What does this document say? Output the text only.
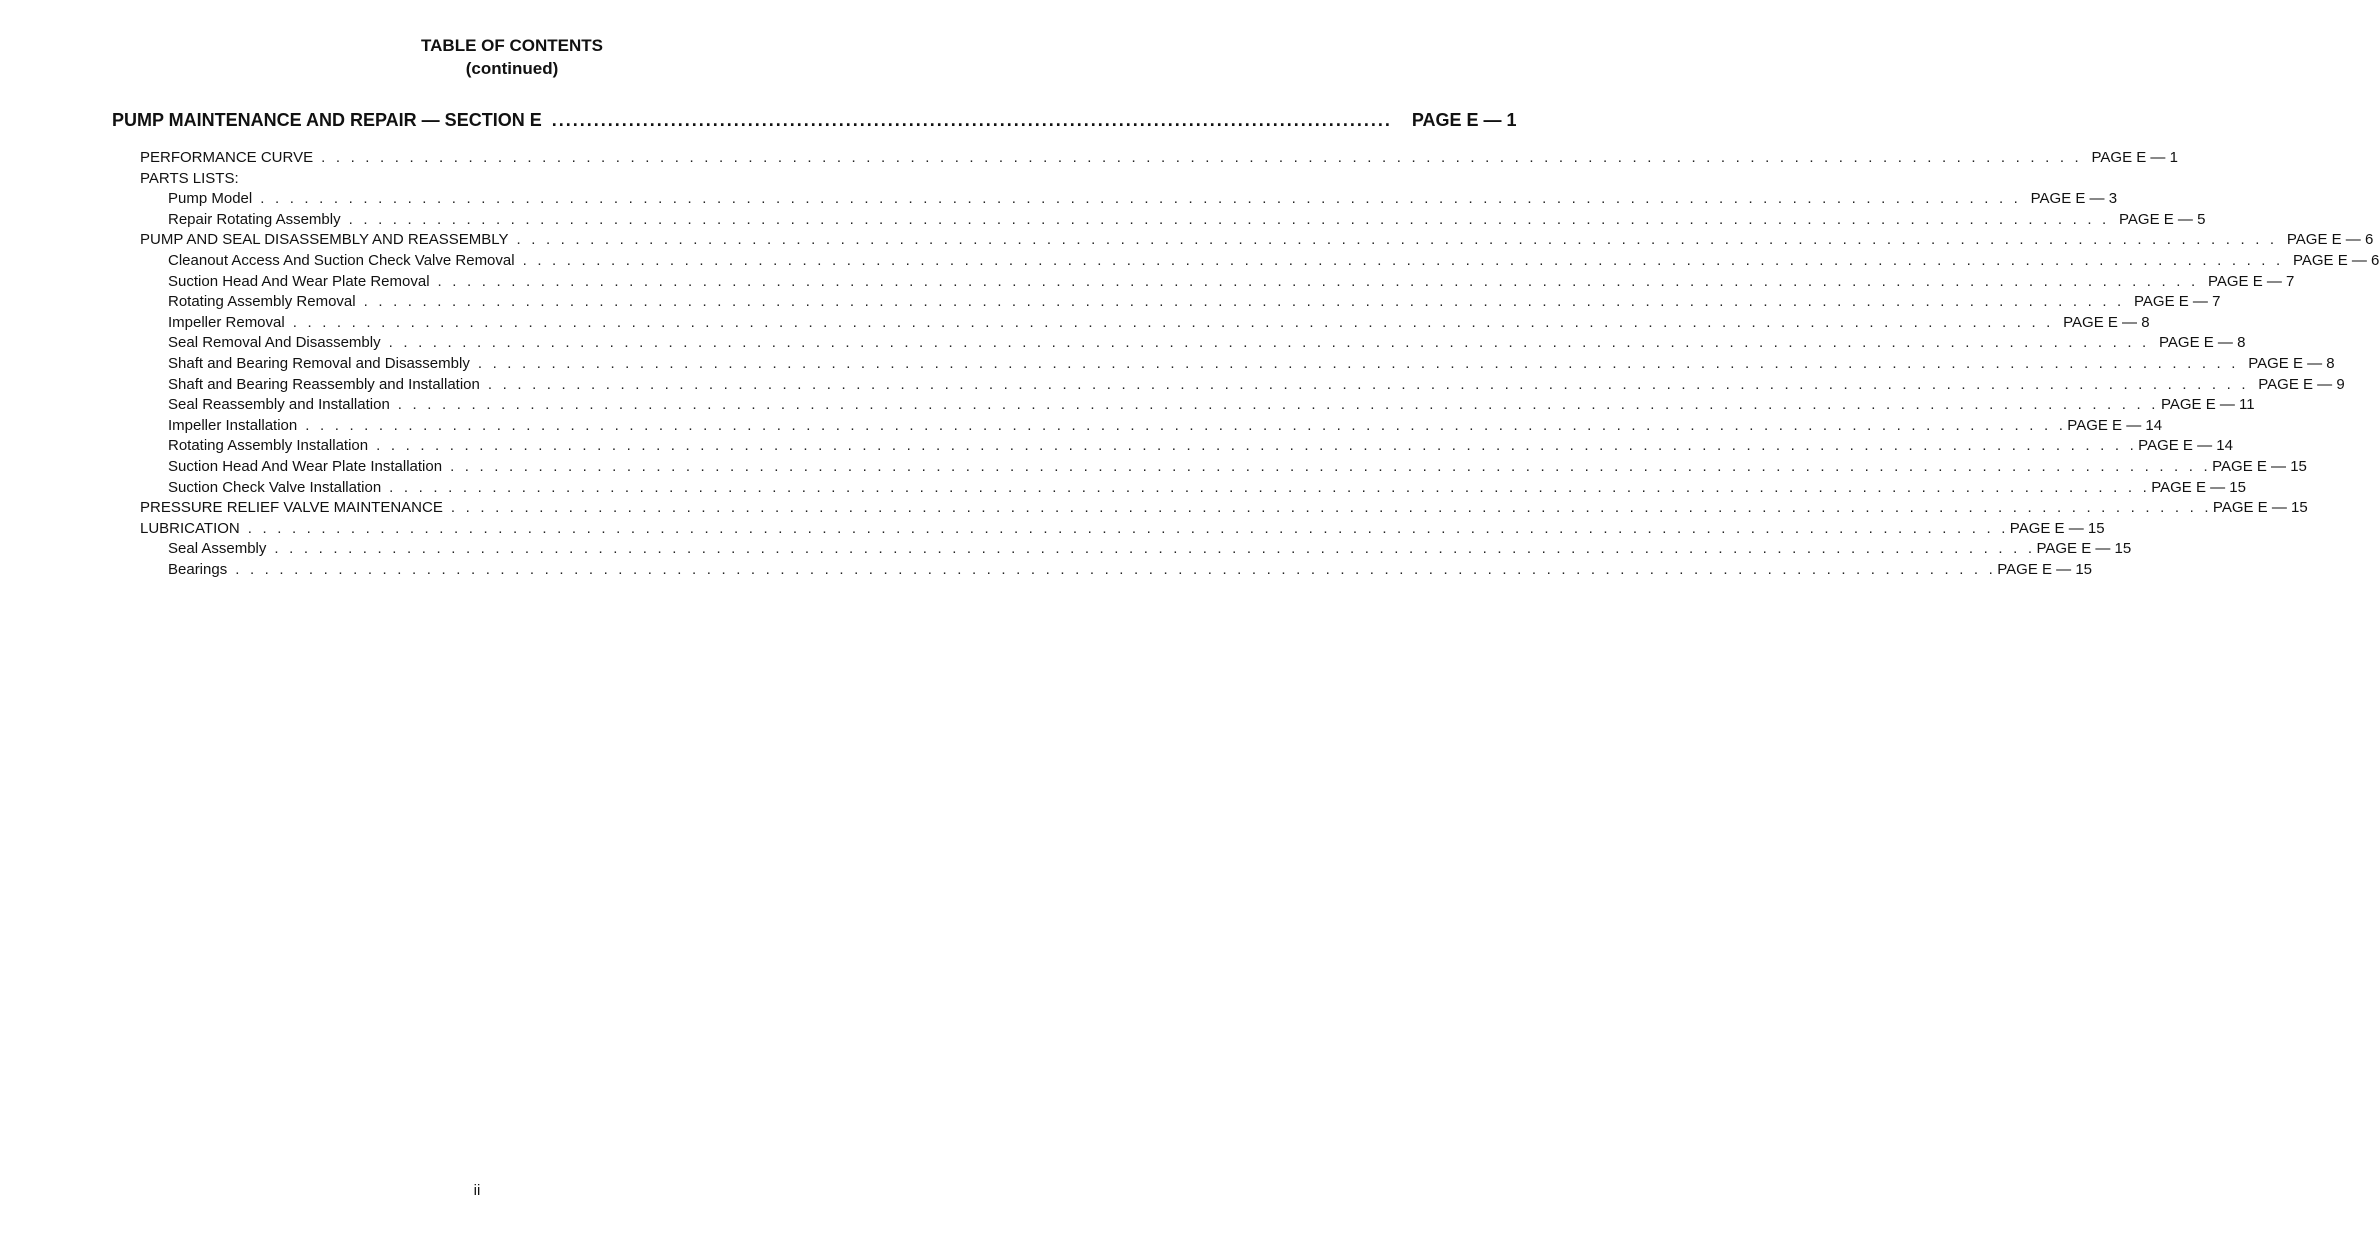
TABLE OF CONTENTS
(continued)
PUMP MAINTENANCE AND REPAIR — SECTION E ........................................................................................................................ PAGE E — 1
PERFORMANCE CURVE . . . . . . . . . . . . . . . . . . . . . . . . . . . . . . . . . . . . . . . . . . . . . . . . . . . . . . . . . . . . . . . . . . . . . . . . . . . . . . . . . . . . . . . . . . . . . . . . . . . . . . . . . . . . . . . . . . . . . . . . PAGE E — 1
PARTS LISTS:
Pump Model . . . . . . . . . . . . . . . . . . . . . . . . . . . . . . . . . . . . . . . . . . . . . . . . . . . . . . . . . . . . . . . . . . . . . . . . . . . . . . . . . . . . . . . . . . . . . . . . . . . . . . . . . . . . . . . . . . . . . . . . PAGE E — 3
Repair Rotating Assembly . . . . . . . . . . . . . . . . . . . . . . . . . . . . . . . . . . . . . . . . . . . . . . . . . . . . . . . . . . . . . . . . . . . . . . . . . . . . . . . . . . . . . . . . . . . . . . . . . . . . . . . . . . . . . . . . . . . . . . . . PAGE E — 5
PUMP AND SEAL DISASSEMBLY AND REASSEMBLY . . . . . . . . . . . . . . . . . . . . . . . . . . . . . . . . . . . . . . . . . . . . . . . . . . . . . . . . . . . . . . . . . . . . . . . . . . . . . . . . . . . . . . . . . . . . . . . . . . . . . . . . . . . . . . . . . . . . . . . . PAGE E — 6
Cleanout Access And Suction Check Valve Removal . . . . . . . . . . . . . . . . . . . . . . . . . . . . . . . . . . . . . . . . . . . . . . . . . . . . . . . . . . . . . . . . . . . . . . . . . . . . . . . . . . . . . . . . . . . . . . . . . . . . . . . . . . . . . . . . . . . . . . . . PAGE E — 6
Suction Head And Wear Plate Removal . . . . . . . . . . . . . . . . . . . . . . . . . . . . . . . . . . . . . . . . . . . . . . . . . . . . . . . . . . . . . . . . . . . . . . . . . . . . . . . . . . . . . . . . . . . . . . . . . . . . . . . . . . . . . . . . . . . . . . . . PAGE E — 7
Rotating Assembly Removal . . . . . . . . . . . . . . . . . . . . . . . . . . . . . . . . . . . . . . . . . . . . . . . . . . . . . . . . . . . . . . . . . . . . . . . . . . . . . . . . . . . . . . . . . . . . . . . . . . . . . . . . . . . . . . . . . . . . . . . . PAGE E — 7
Impeller Removal . . . . . . . . . . . . . . . . . . . . . . . . . . . . . . . . . . . . . . . . . . . . . . . . . . . . . . . . . . . . . . . . . . . . . . . . . . . . . . . . . . . . . . . . . . . . . . . . . . . . . . . . . . . . . . . . . . . . . . . . PAGE E — 8
Seal Removal And Disassembly . . . . . . . . . . . . . . . . . . . . . . . . . . . . . . . . . . . . . . . . . . . . . . . . . . . . . . . . . . . . . . . . . . . . . . . . . . . . . . . . . . . . . . . . . . . . . . . . . . . . . . . . . . . . . . . . . . . . . . . . PAGE E — 8
Shaft and Bearing Removal and Disassembly . . . . . . . . . . . . . . . . . . . . . . . . . . . . . . . . . . . . . . . . . . . . . . . . . . . . . . . . . . . . . . . . . . . . . . . . . . . . . . . . . . . . . . . . . . . . . . . . . . . . . . . . . . . . . . . . . . . . . . . . PAGE E — 8
Shaft and Bearing Reassembly and Installation . . . . . . . . . . . . . . . . . . . . . . . . . . . . . . . . . . . . . . . . . . . . . . . . . . . . . . . . . . . . . . . . . . . . . . . . . . . . . . . . . . . . . . . . . . . . . . . . . . . . . . . . . . . . . . . . . . . . . . . . PAGE E — 9
Seal Reassembly and Installation . . . . . . . . . . . . . . . . . . . . . . . . . . . . . . . . . . . . . . . . . . . . . . . . . . . . . . . . . . . . . . . . . . . . . . . . . . . . . . . . . . . . . . . . . . . . . . . . . . . . . . . . . . . . . . . . . . . . . . . . PAGE E — 11
Impeller Installation . . . . . . . . . . . . . . . . . . . . . . . . . . . . . . . . . . . . . . . . . . . . . . . . . . . . . . . . . . . . . . . . . . . . . . . . . . . . . . . . . . . . . . . . . . . . . . . . . . . . . . . . . . . . . . . . . . . . . . . . PAGE E — 14
Rotating Assembly Installation . . . . . . . . . . . . . . . . . . . . . . . . . . . . . . . . . . . . . . . . . . . . . . . . . . . . . . . . . . . . . . . . . . . . . . . . . . . . . . . . . . . . . . . . . . . . . . . . . . . . . . . . . . . . . . . . . . . . . . . . PAGE E — 14
Suction Head And Wear Plate Installation . . . . . . . . . . . . . . . . . . . . . . . . . . . . . . . . . . . . . . . . . . . . . . . . . . . . . . . . . . . . . . . . . . . . . . . . . . . . . . . . . . . . . . . . . . . . . . . . . . . . . . . . . . . . . . . . . . . . . . . . PAGE E — 15
Suction Check Valve Installation . . . . . . . . . . . . . . . . . . . . . . . . . . . . . . . . . . . . . . . . . . . . . . . . . . . . . . . . . . . . . . . . . . . . . . . . . . . . . . . . . . . . . . . . . . . . . . . . . . . . . . . . . . . . . . . . . . . . . . . . PAGE E — 15
PRESSURE RELIEF VALVE MAINTENANCE . . . . . . . . . . . . . . . . . . . . . . . . . . . . . . . . . . . . . . . . . . . . . . . . . . . . . . . . . . . . . . . . . . . . . . . . . . . . . . . . . . . . . . . . . . . . . . . . . . . . . . . . . . . . . . . . . . . . . . . . PAGE E — 15
LUBRICATION . . . . . . . . . . . . . . . . . . . . . . . . . . . . . . . . . . . . . . . . . . . . . . . . . . . . . . . . . . . . . . . . . . . . . . . . . . . . . . . . . . . . . . . . . . . . . . . . . . . . . . . . . . . . . . . . . . . . . . . . PAGE E — 15
Seal Assembly . . . . . . . . . . . . . . . . . . . . . . . . . . . . . . . . . . . . . . . . . . . . . . . . . . . . . . . . . . . . . . . . . . . . . . . . . . . . . . . . . . . . . . . . . . . . . . . . . . . . . . . . . . . . . . . . . . . . . . . . PAGE E — 15
Bearings . . . . . . . . . . . . . . . . . . . . . . . . . . . . . . . . . . . . . . . . . . . . . . . . . . . . . . . . . . . . . . . . . . . . . . . . . . . . . . . . . . . . . . . . . . . . . . . . . . . . . . . . . . . . . . . . . . . . . . . . PAGE E — 15
ii
